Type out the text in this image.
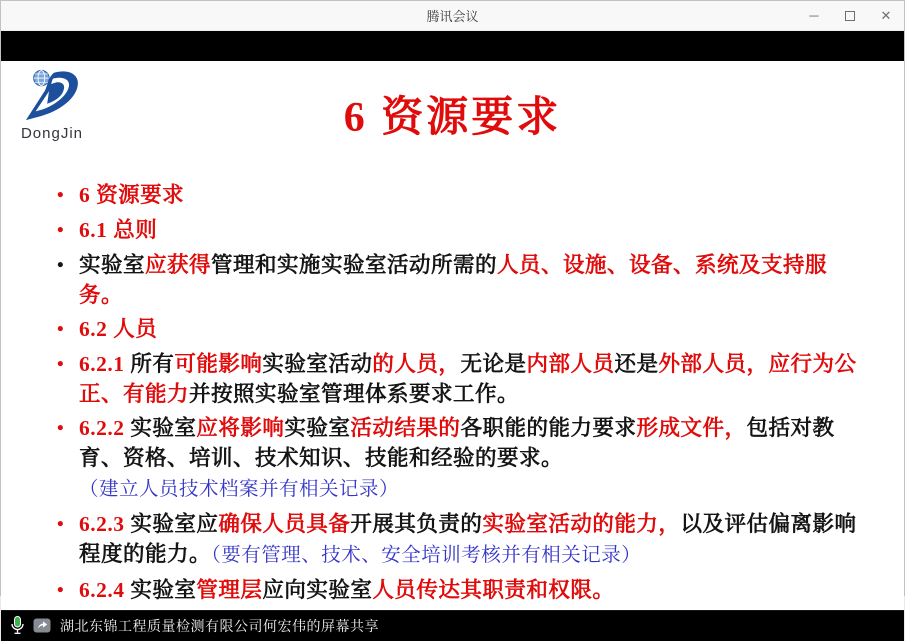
腾讯会议	─	✕
DongJin	6 资源要求
• 6 资源要求
• 6.1 总则
• 实验室应获得管理和实施实验室活动所需的人员、设施、设备、系统及支持服务。
• 6.2 人员
• 6.2.1 所有可能影响实验室活动的人员，无论是内部人员还是外部人员，应行为公正、有能力并按照实验室管理体系要求工作。
• 6.2.2 实验室应将影响实验室活动结果的各职能的能力要求形成文件，包括对教育、资格、培训、技术知识、技能和经验的要求。（建立人员技术档案并有相关记录）
• 6.2.3 实验室应确保人员具备开展其负责的实验室活动的能力，以及评估偏离影响程度的能力。（要有管理、技术、安全培训考核并有相关记录）
• 6.2.4 实验室管理层应向实验室人员传达其职责和权限。
湖北东锦工程质量检测有限公司何宏伟的屏幕共享
